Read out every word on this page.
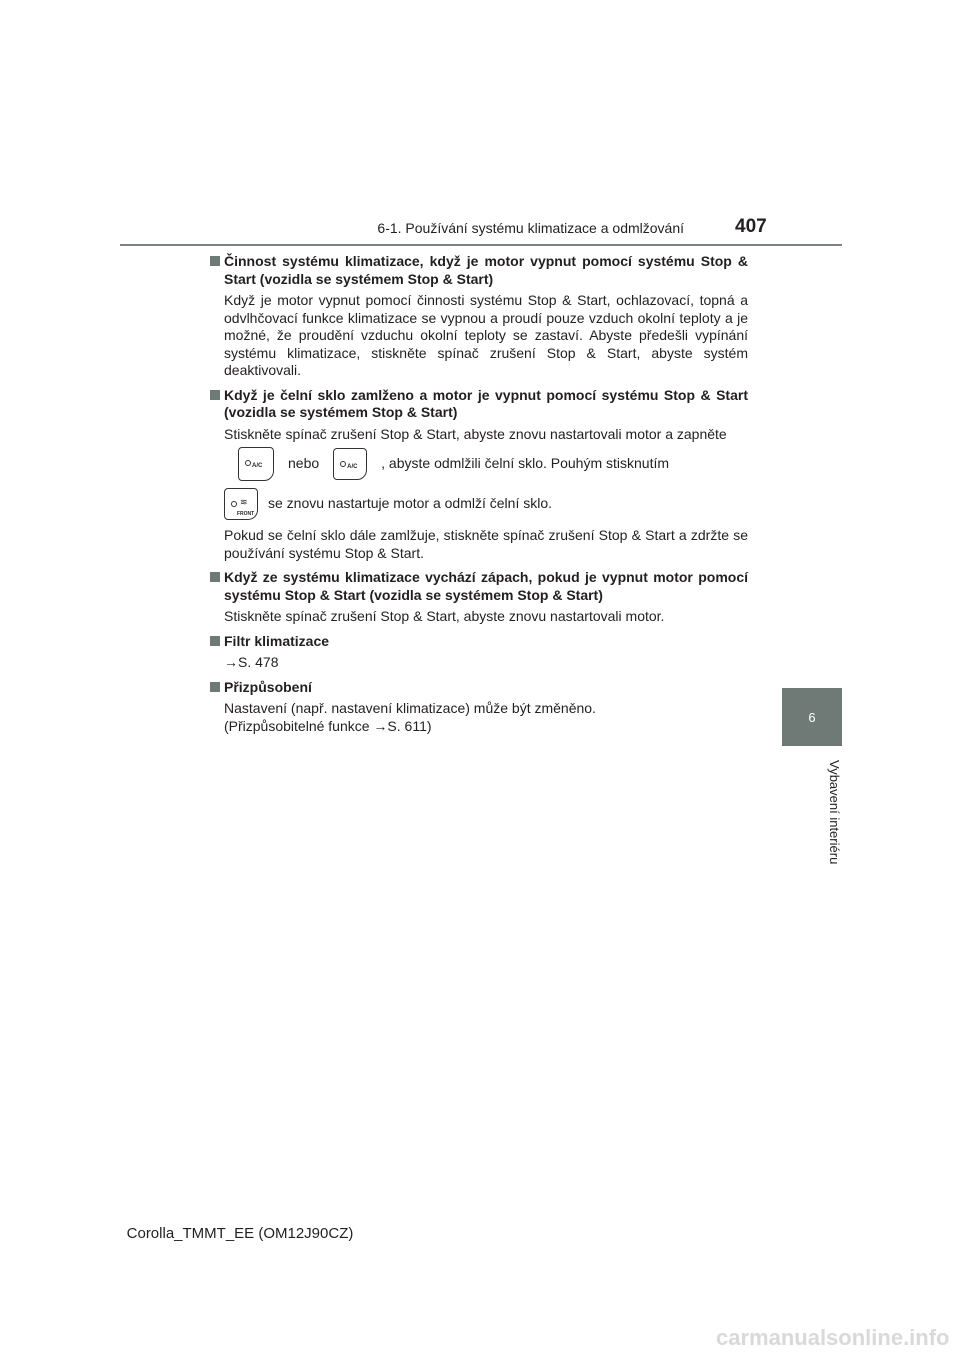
6-1. Používání systému klimatizace a odmlžování	407
6
Vybavení interiéru

Činnost systému klimatizace, když je motor vypnut pomocí systému Stop & Start (vozidla se systémem Stop & Start)

Když je motor vypnut pomocí činnosti systému Stop & Start, ochlazovací, topná a odvlhčovací funkce klimatizace se vypnou a proudí pouze vzduch okolní teploty a je možné, že proudění vzduchu okolní teploty se zastaví. Abyste předešli vypínání systému klimatizace, stiskněte spínač zrušení Stop & Start, abyste systém deaktivovali.

Když je čelní sklo zamlženo a motor je vypnut pomocí systému Stop & Start (vozidla se systémem Stop & Start)

Stiskněte spínač zrušení Stop & Start, abyste znovu nastartovali motor a zapněte

A/C nebo	A/C , abyste odmlžili čelní sklo. Pouhým stisknutím
≋
FRONT
se znovu nastartuje motor a odmlží čelní sklo.

Pokud se čelní sklo dále zamlžuje, stiskněte spínač zrušení Stop & Start a zdržte se používání systému Stop & Start.

Když ze systému klimatizace vychází zápach, pokud je vypnut motor pomocí systému Stop & Start (vozidla se systémem Stop & Start)

Stiskněte spínač zrušení Stop & Start, abyste znovu nastartovali motor.

Filtr klimatizace

→S. 478

Přizpůsobení

Nastavení (např. nastavení klimatizace) může být změněno.

(Přizpůsobitelné funkce →S. 611)

Corolla_TMMT_EE (OM12J90CZ)
carmanualsonline.info
